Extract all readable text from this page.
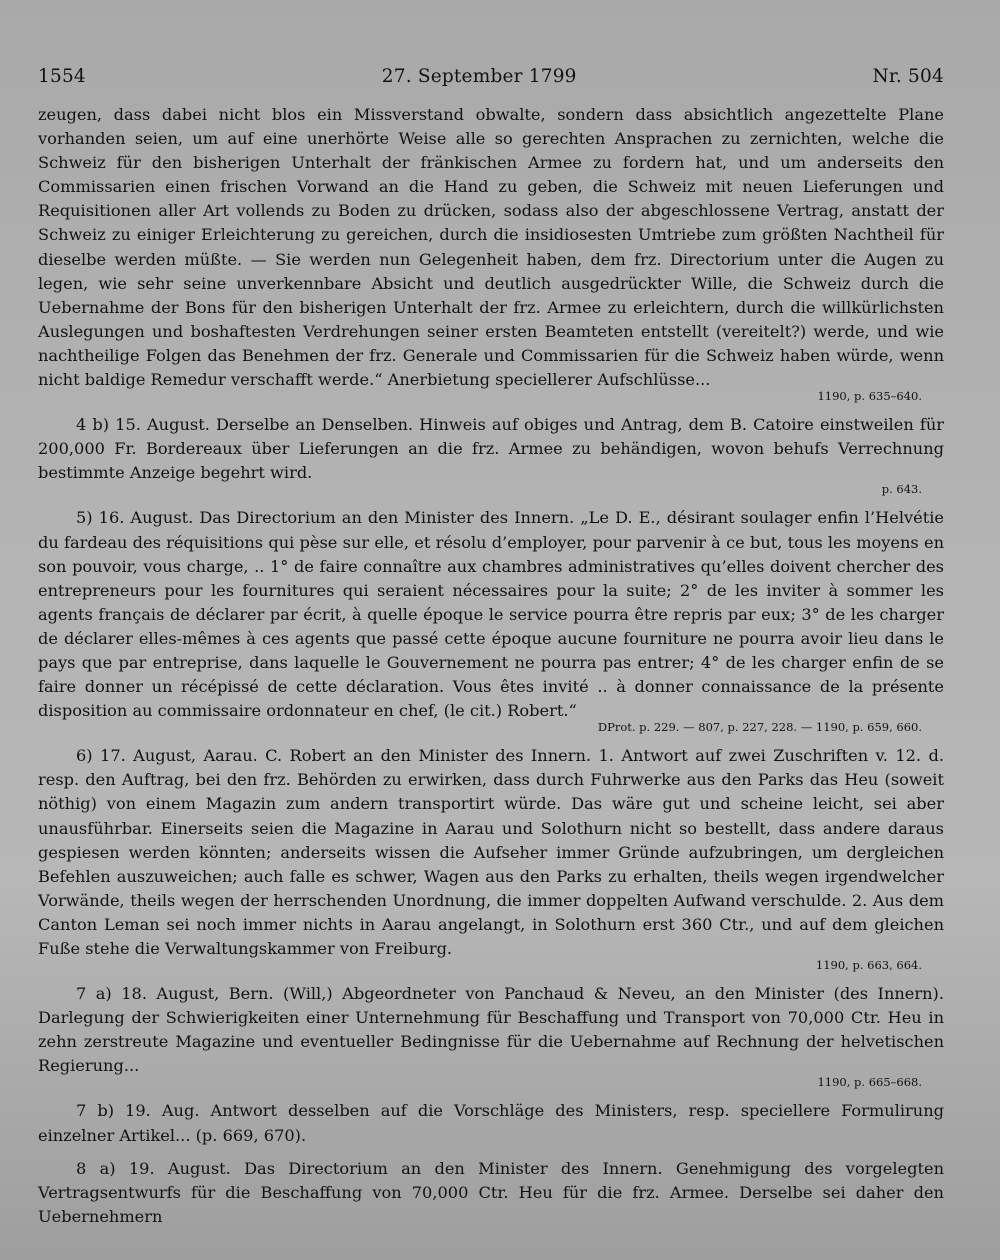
1554	27. September 1799	Nr. 504
zeugen, dass dabei nicht blos ein Missverstand obwalte, sondern dass absichtlich angezettelte Plane vorhanden seien, um auf eine unerhörte Weise alle so gerechten Ansprachen zu zernichten, welche die Schweiz für den bisherigen Unterhalt der fränkischen Armee zu fordern hat, und um anderseits den Commissarien einen frischen Vorwand an die Hand zu geben, die Schweiz mit neuen Lieferungen und Requisitionen aller Art vollends zu Boden zu drücken, sodass also der abgeschlossene Vertrag, anstatt der Schweiz zu einiger Erleichterung zu gereichen, durch die insidiosesten Umtriebe zum größten Nachtheil für dieselbe werden müßte. — Sie werden nun Gelegenheit haben, dem frz. Directorium unter die Augen zu legen, wie sehr seine unverkennbare Absicht und deutlich ausgedrückter Wille, die Schweiz durch die Uebernahme der Bons für den bisherigen Unterhalt der frz. Armee zu erleichtern, durch die willkürlichsten Auslegungen und boshaftesten Verdrehungen seiner ersten Beamteten entstellt (vereitelt?) werde, und wie nachtheilige Folgen das Benehmen der frz. Generale und Commissarien für die Schweiz haben würde, wenn nicht baldige Remedur verschafft werde.“ Anerbietung speciellerer Aufschlüsse...
1190, p. 635–640.
4 b) 15. August. Derselbe an Denselben. Hinweis auf obiges und Antrag, dem B. Catoire einstweilen für 200,000 Fr. Bordereaux über Lieferungen an die frz. Armee zu behändigen, wovon behufs Verrechnung bestimmte Anzeige begehrt wird.
p. 643.
5) 16. August. Das Directorium an den Minister des Innern. „Le D. E., désirant soulager enfin l’Helvétie du fardeau des réquisitions qui pèse sur elle, et résolu d’employer, pour parvenir à ce but, tous les moyens en son pouvoir, vous charge, .. 1° de faire connaître aux chambres administratives qu’elles doivent chercher des entrepreneurs pour les fournitures qui seraient nécessaires pour la suite; 2° de les inviter à sommer les agents français de déclarer par écrit, à quelle époque le service pourra être repris par eux; 3° de les charger de déclarer elles-mêmes à ces agents que passé cette époque aucune fourniture ne pourra avoir lieu dans le pays que par entreprise, dans laquelle le Gouvernement ne pourra pas entrer; 4° de les charger enfin de se faire donner un récépissé de cette déclaration. Vous êtes invité .. à donner connaissance de la présente disposition au commissaire ordonnateur en chef, (le cit.) Robert.“
DProt. p. 229. — 807, p. 227, 228. — 1190, p. 659, 660.
6) 17. August, Aarau. C. Robert an den Minister des Innern. 1. Antwort auf zwei Zuschriften v. 12. d. resp. den Auftrag, bei den frz. Behörden zu erwirken, dass durch Fuhrwerke aus den Parks das Heu (soweit nöthig) von einem Magazin zum andern transportirt würde. Das wäre gut und scheine leicht, sei aber unausführbar. Einerseits seien die Magazine in Aarau und Solothurn nicht so bestellt, dass andere daraus gespiesen werden könnten; anderseits wissen die Aufseher immer Gründe aufzubringen, um dergleichen Befehlen auszuweichen; auch falle es schwer, Wagen aus den Parks zu erhalten, theils wegen irgendwelcher Vorwände, theils wegen der herrschenden Unordnung, die immer doppelten Aufwand verschulde. 2. Aus dem Canton Leman sei noch immer nichts in Aarau angelangt, in Solothurn erst 360 Ctr., und auf dem gleichen Fuße stehe die Verwaltungskammer von Freiburg.
1190, p. 663, 664.
7 a) 18. August, Bern. (Will,) Abgeordneter von Panchaud & Neveu, an den Minister (des Innern). Darlegung der Schwierigkeiten einer Unternehmung für Beschaffung und Transport von 70,000 Ctr. Heu in zehn zerstreute Magazine und eventueller Bedingnisse für die Uebernahme auf Rechnung der helvetischen Regierung...
1190, p. 665–668.
7 b) 19. Aug. Antwort desselben auf die Vorschläge des Ministers, resp. speciellere Formulirung einzelner Artikel... (p. 669, 670).
8 a) 19. August. Das Directorium an den Minister des Innern. Genehmigung des vorgelegten Vertragsentwurfs für die Beschaffung von 70,000 Ctr. Heu für die frz. Armee. Derselbe sei daher den Uebernehmern
